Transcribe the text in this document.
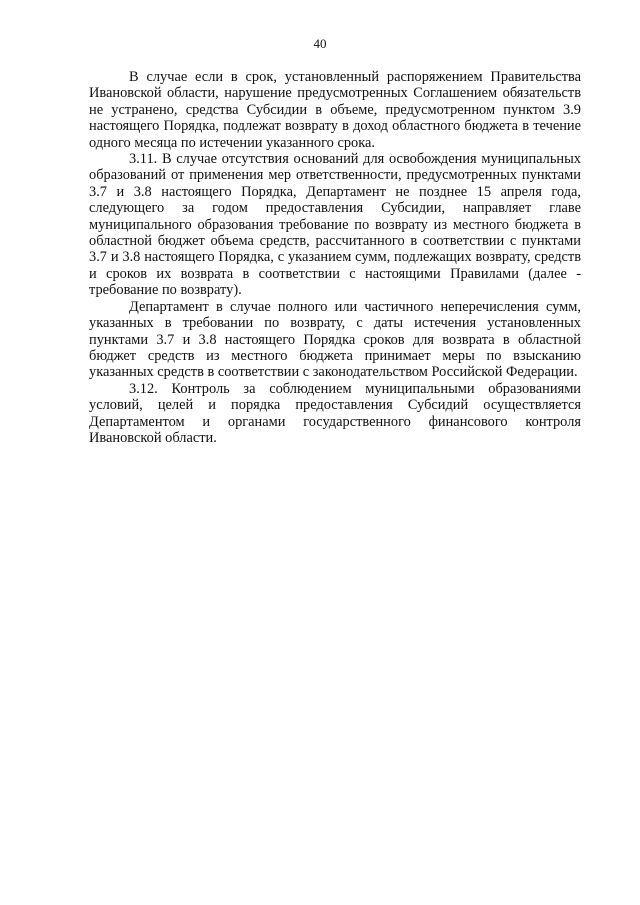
40

В случае если в срок, установленный распоряжением Правительства Ивановской области, нарушение предусмотренных Соглашением обязательств не устранено, средства Субсидии в объеме, предусмотренном пунктом 3.9 настоящего Порядка, подлежат возврату в доход областного бюджета в течение одного месяца по истечении указанного срока.

3.11. В случае отсутствия оснований для освобождения муниципальных образований от применения мер ответственности, предусмотренных пунктами 3.7 и 3.8 настоящего Порядка, Департамент не позднее 15 апреля года, следующего за годом предоставления Субсидии, направляет главе муниципального образования требование по возврату из местного бюджета в областной бюджет объема средств, рассчитанного в соответствии с пунктами 3.7 и 3.8 настоящего Порядка, с указанием сумм, подлежащих возврату, средств и сроков их возврата в соответствии с настоящими Правилами (далее - требование по возврату).

Департамент в случае полного или частичного неперечисления сумм, указанных в требовании по возврату, с даты истечения установленных пунктами 3.7 и 3.8 настоящего Порядка сроков для возврата в областной бюджет средств из местного бюджета принимает меры по взысканию указанных средств в соответствии с законодательством Российской Федерации.

3.12. Контроль за соблюдением муниципальными образованиями условий, целей и порядка предоставления Субсидий осуществляется Департаментом и органами государственного финансового контроля Ивановской области.
